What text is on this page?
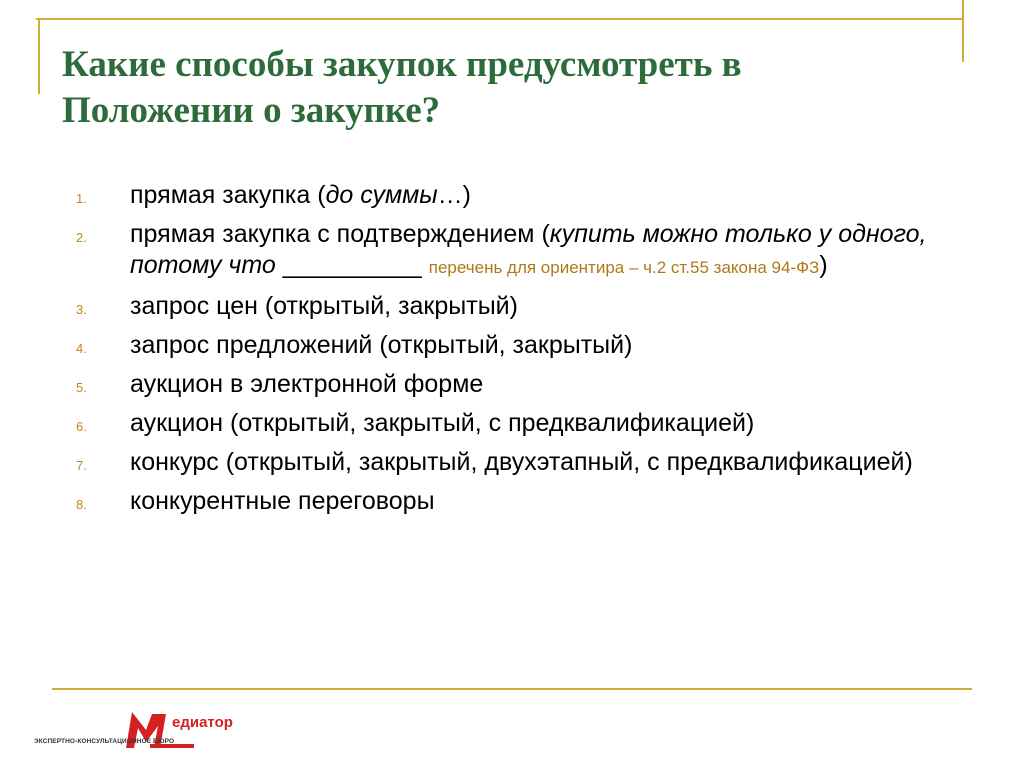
Какие способы закупок предусмотреть в Положении о закупке?
1. прямая закупка (до суммы…)
2. прямая закупка с подтверждением (купить можно только у одного, потому что __________ перечень для ориентира – ч.2 ст.55 закона 94-ФЗ)
3. запрос цен (открытый, закрытый)
4. запрос предложений (открытый, закрытый)
5. аукцион в электронной форме
6. аукцион (открытый, закрытый, с предквалификацией)
7. конкурс (открытый, закрытый, двухэтапный, с предквалификацией)
8. конкурентные переговоры
едиатор
ЭКСПЕРТНО-КОНСУЛЬТАЦИОННОЕ БЮРО
